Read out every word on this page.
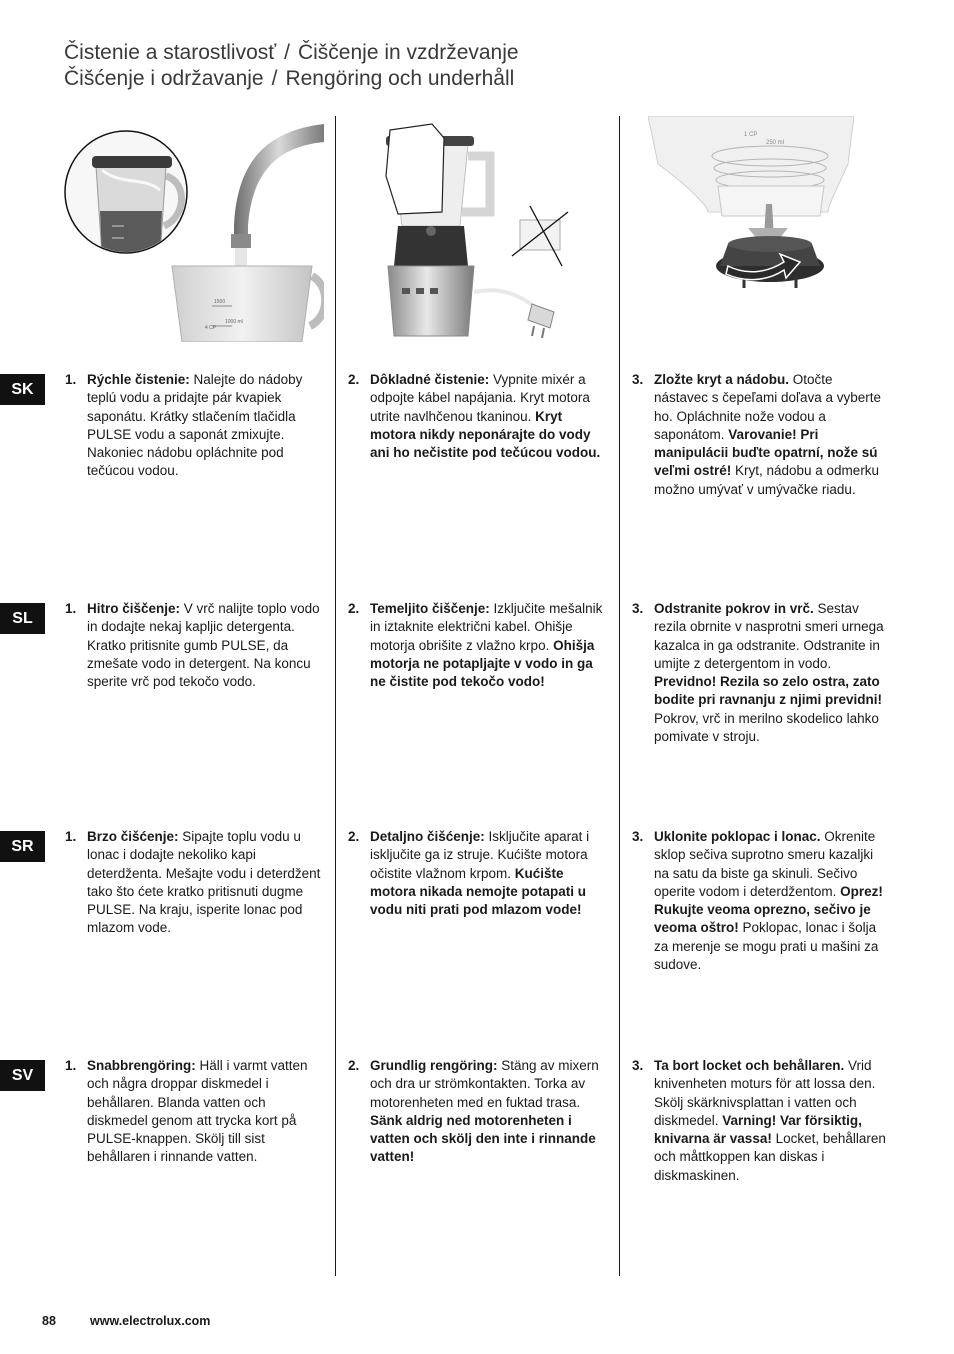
Čistenie a starostlivosť / Čiščenje in vzdrževanje
Čišćenje i održavanje / Rengöring och underhåll
1500
1000 ml
4 CP
1 CP
250 ml
SK
SL
SR
SV
1. Rýchle čistenie: Nalejte do nádoby teplú vodu a pridajte pár kvapiek saponátu. Krátky stlačením tlačidla PULSE vodu a saponát zmixujte. Nakoniec nádobu opláchnite pod tečúcou vodou.
2. Dôkladné čistenie: Vypnite mixér a odpojte kábel napájania. Kryt motora utrite navlhčenou tkaninou. Kryt motora nikdy neponárajte do vody ani ho nečistite pod tečúcou vodou.
3. Zložte kryt a nádobu. Otočte nástavec s čepeľami doľava a vyberte ho. Opláchnite nože vodou a saponátom. Varovanie! Pri manipulácii buďte opatrní, nože sú veľmi ostré! Kryt, nádobu a odmerku možno umývať v umývačke riadu.
1. Hitro čiščenje: V vrč nalijte toplo vodo in dodajte nekaj kapljic detergenta. Kratko pritisnite gumb PULSE, da zmešate vodo in detergent. Na koncu sperite vrč pod tekočo vodo.
2. Temeljito čiščenje: Izključite mešalnik in iztaknite električni kabel. Ohišje motorja obrišite z vlažno krpo. Ohišja motorja ne potapljajte v vodo in ga ne čistite pod tekočo vodo!
3. Odstranite pokrov in vrč. Sestav rezila obrnite v nasprotni smeri urnega kazalca in ga odstranite. Odstranite in umijte z detergentom in vodo. Previdno! Rezila so zelo ostra, zato bodite pri ravnanju z njimi previdni! Pokrov, vrč in merilno skodelico lahko pomivate v stroju.
1. Brzo čišćenje: Sipajte toplu vodu u lonac i dodajte nekoliko kapi deterdženta. Mešajte vodu i deterdžent tako što ćete kratko pritisnuti dugme PULSE. Na kraju, isperite lonac pod mlazom vode.
2. Detaljno čišćenje: Isključite aparat i isključite ga iz struje. Kućište motora očistite vlažnom krpom. Kućište motora nikada nemojte potapati u vodu niti prati pod mlazom vode!
3. Uklonite poklopac i lonac. Okrenite sklop sečiva suprotno smeru kazaljki na satu da biste ga skinuli. Sečivo operite vodom i deterdžentom. Oprez! Rukujte veoma oprezno, sečivo je veoma oštro! Poklopac, lonac i šolja za merenje se mogu prati u mašini za sudove.
1. Snabbrengöring: Häll i varmt vatten och några droppar diskmedel i behållaren. Blanda vatten och diskmedel genom att trycka kort på PULSE-knappen. Skölj till sist behållaren i rinnande vatten.
2. Grundlig rengöring: Stäng av mixern och dra ur strömkontakten. Torka av motorenheten med en fuktad trasa. Sänk aldrig ned motorenheten i vatten och skölj den inte i rinnande vatten!
3. Ta bort locket och behållaren. Vrid knivenheten moturs för att lossa den. Skölj skärknivsplattan i vatten och diskmedel. Varning! Var försiktig, knivarna är vassa! Locket, behållaren och måttkoppen kan diskas i diskmaskinen.
88	www.electrolux.com
